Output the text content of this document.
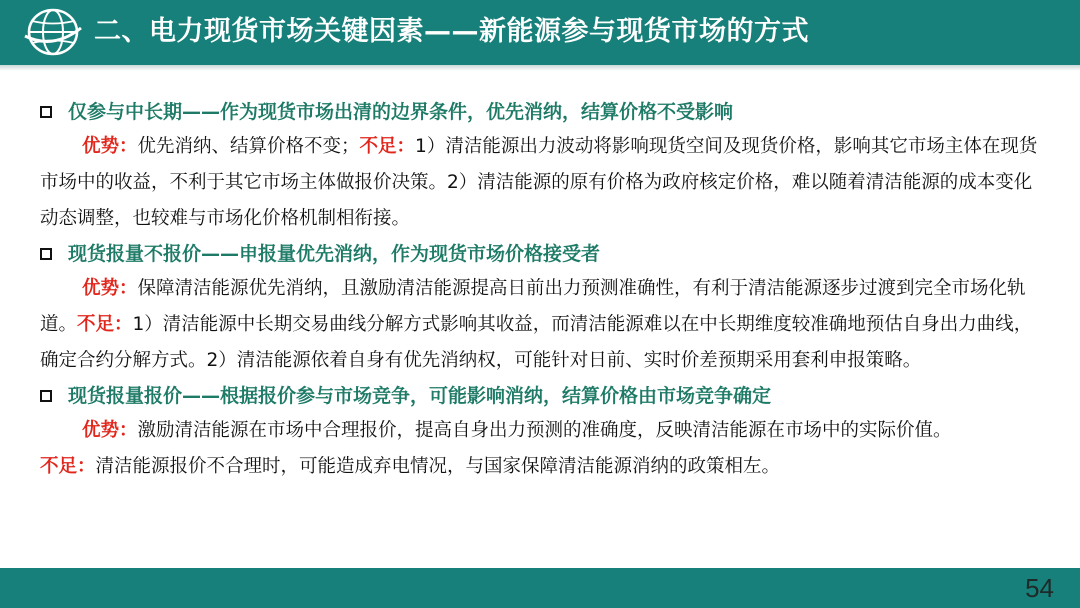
二、电力现货市场关键因素——新能源参与现货市场的方式
仅参与中长期——作为现货市场出清的边界条件，优先消纳，结算价格不受影响

优势：优先消纳、结算价格不变；不足：1）清洁能源出力波动将影响现货空间及现货价格，影响其它市场主体在现货市场中的收益，不利于其它市场主体做报价决策。2）清洁能源的原有价格为政府核定价格，难以随着清洁能源的成本变化动态调整，也较难与市场化价格机制相衔接。

现货报量不报价——申报量优先消纳，作为现货市场价格接受者

优势：保障清洁能源优先消纳，且激励清洁能源提高日前出力预测准确性，有利于清洁能源逐步过渡到完全市场化轨道。不足：1）清洁能源中长期交易曲线分解方式影响其收益，而清洁能源难以在中长期维度较准确地预估自身出力曲线，确定合约分解方式。2）清洁能源依着自身有优先消纳权，可能针对日前、实时价差预期采用套利申报策略。

现货报量报价——根据报价参与市场竞争，可能影响消纳，结算价格由市场竞争确定

优势：激励清洁能源在市场中合理报价，提高自身出力预测的准确度，反映清洁能源在市场中的实际价值。

不足：清洁能源报价不合理时，可能造成弃电情况，与国家保障清洁能源消纳的政策相左。

54
